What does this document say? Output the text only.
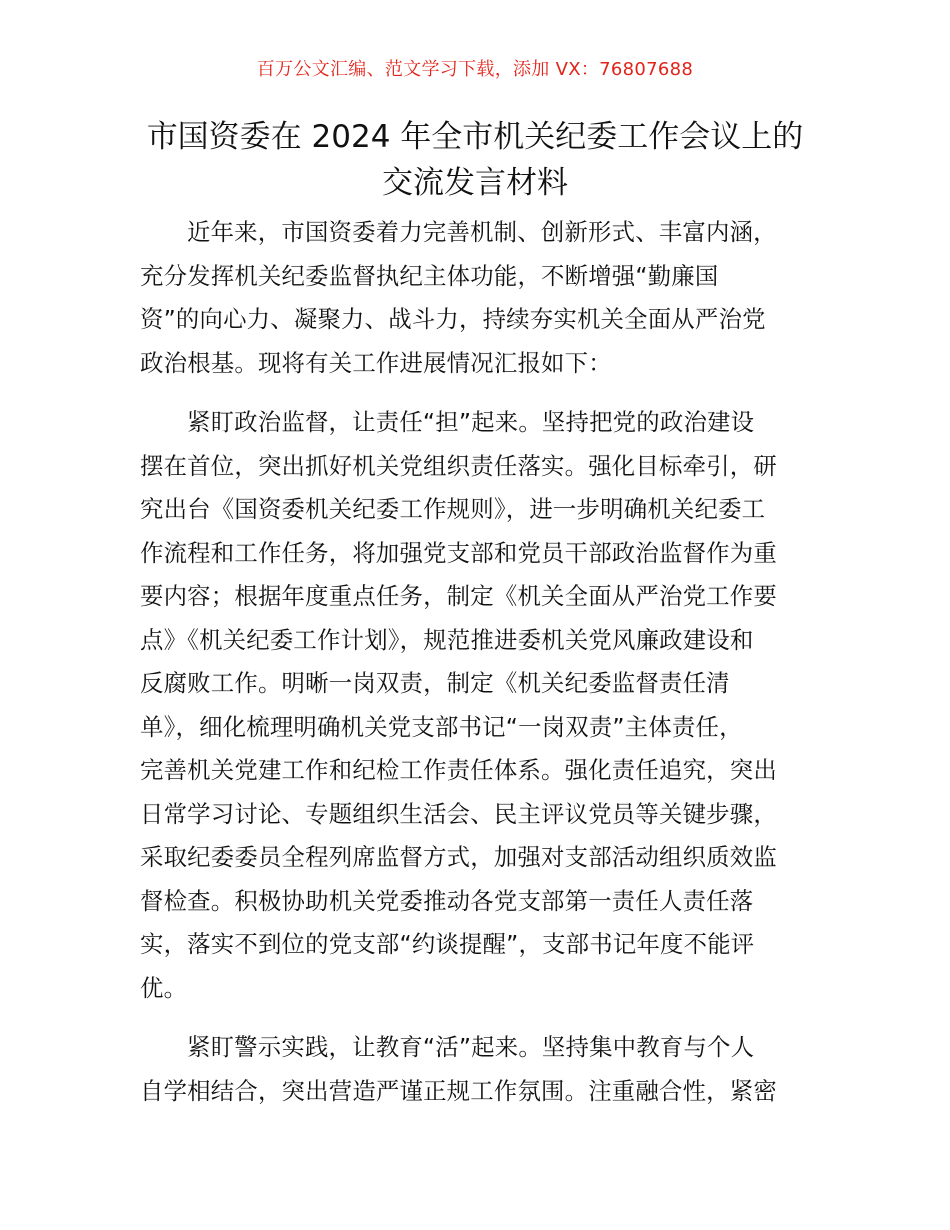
百万公文汇编、范文学习下载，添加 VX：76807688
市国资委在 2024 年全市机关纪委工作会议上的
交流发言材料

近年来，市国资委着力完善机制、创新形式、丰富内涵，
充分发挥机关纪委监督执纪主体功能，不断增强“勤廉国
资”的向心力、凝聚力、战斗力，持续夯实机关全面从严治党
政治根基。现将有关工作进展情况汇报如下：

紧盯政治监督，让责任“担”起来。坚持把党的政治建设
摆在首位，突出抓好机关党组织责任落实。强化目标牵引，研
究出台《国资委机关纪委工作规则》，进一步明确机关纪委工
作流程和工作任务，将加强党支部和党员干部政治监督作为重
要内容；根据年度重点任务，制定《机关全面从严治党工作要
点》《机关纪委工作计划》，规范推进委机关党风廉政建设和
反腐败工作。明晰一岗双责，制定《机关纪委监督责任清
单》，细化梳理明确机关党支部书记“一岗双责”主体责任，
完善机关党建工作和纪检工作责任体系。强化责任追究，突出
日常学习讨论、专题组织生活会、民主评议党员等关键步骤，
采取纪委委员全程列席监督方式，加强对支部活动组织质效监
督检查。积极协助机关党委推动各党支部第一责任人责任落
实，落实不到位的党支部“约谈提醒”，支部书记年度不能评
优。

紧盯警示实践，让教育“活”起来。坚持集中教育与个人
自学相结合，突出营造严谨正规工作氛围。注重融合性，紧密
